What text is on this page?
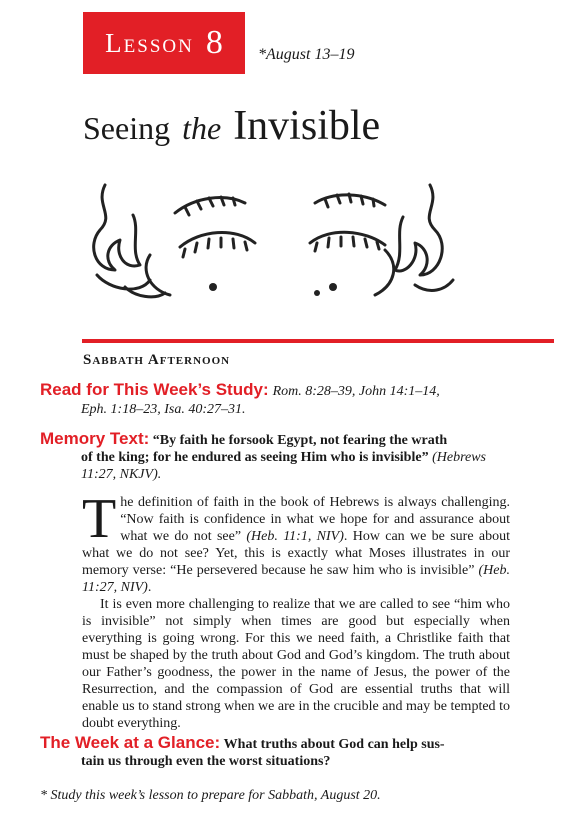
Lesson 8 *August 13–19
Seeing the Invisible
Sabbath Afternoon
Read for This Week’s Study: Rom. 8:28–39, John 14:1–14,
Eph. 1:18–23, Isa. 40:27–31.
Memory Text: “By faith he forsook Egypt, not fearing the wrath
of the king; for he endured as seeing Him who is invisible” (Hebrews
11:27, NKJV).

The definition of faith in the book of Hebrews is always challenging. “Now faith is confidence in what we hope for and assurance about what we do not see” (Heb. 11:1, NIV). How can we be sure about what we do not see? Yet, this is exactly what Moses illustrates in our memory verse: “He persevered because he saw him who is invisible” (Heb. 11:27, NIV).

It is even more challenging to realize that we are called to see “him who is invisible” not simply when times are good but especially when everything is going wrong. For this we need faith, a Christlike faith that must be shaped by the truth about God and God’s kingdom. The truth about our Father’s goodness, the power in the name of Jesus, the power of the Resurrection, and the compassion of God are essential truths that will enable us to stand strong when we are in the crucible and may be tempted to doubt everything.

The Week at a Glance: What truths about God can help sus-
tain us through even the worst situations?
* Study this week’s lesson to prepare for Sabbath, August 20.
